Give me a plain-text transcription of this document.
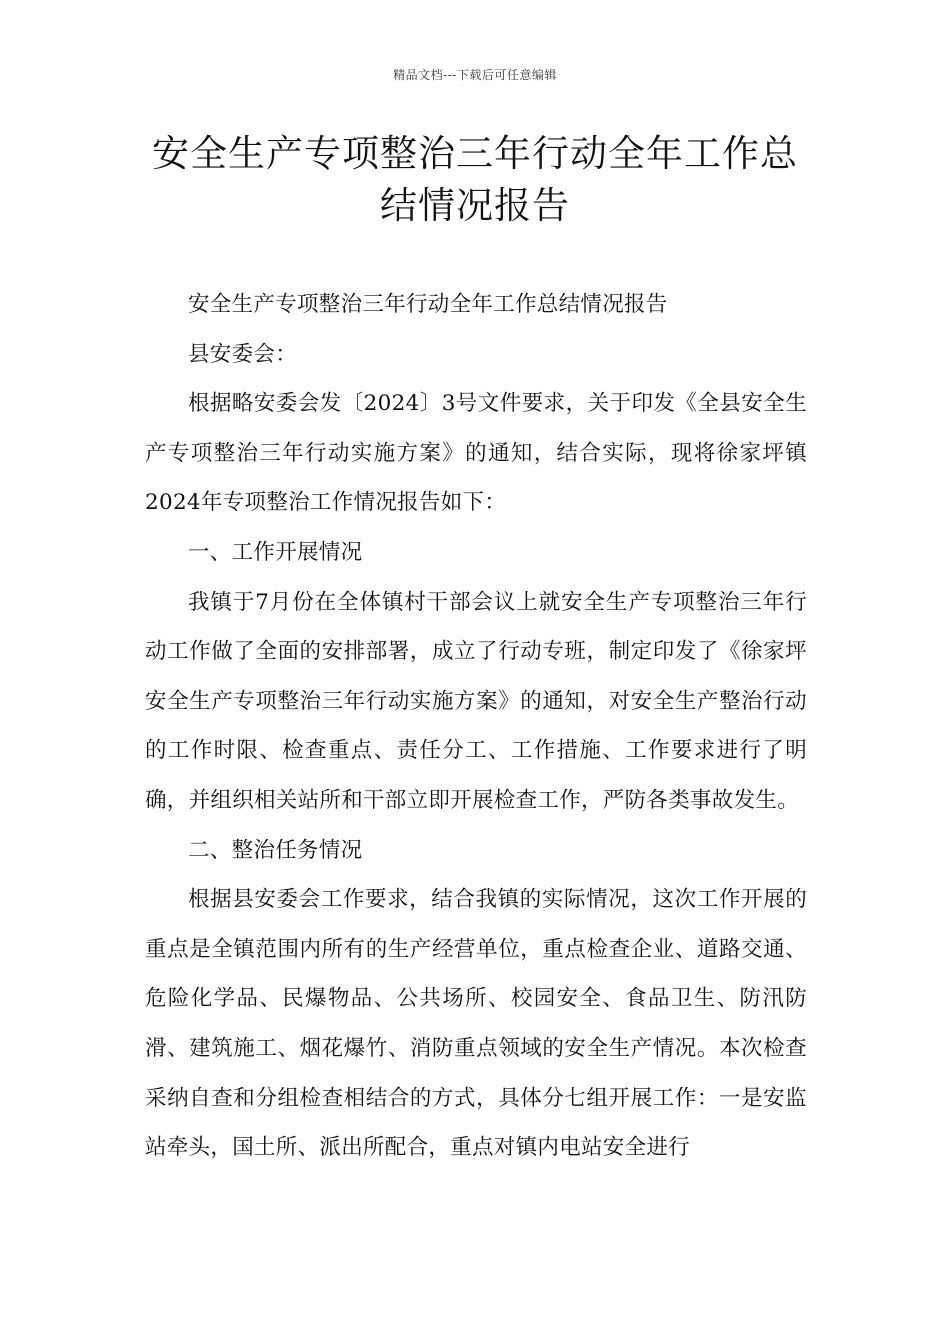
精品文档---下载后可任意编辑
安全生产专项整治三年行动全年工作总
结情况报告

安全生产专项整治三年行动全年工作总结情况报告

县安委会：

根据略安委会发〔2024〕3号文件要求，关于印发《全县安全生产专项整治三年行动实施方案》的通知，结合实际，现将徐家坪镇2024年专项整治工作情况报告如下：

一、工作开展情况

我镇于7月份在全体镇村干部会议上就安全生产专项整治三年行动工作做了全面的安排部署，成立了行动专班，制定印发了《徐家坪安全生产专项整治三年行动实施方案》的通知，对安全生产整治行动的工作时限、检查重点、责任分工、工作措施、工作要求进行了明确，并组织相关站所和干部立即开展检查工作，严防各类事故发生。

二、整治任务情况

根据县安委会工作要求，结合我镇的实际情况，这次工作开展的重点是全镇范围内所有的生产经营单位，重点检查企业、道路交通、危险化学品、民爆物品、公共场所、校园安全、食品卫生、防汛防滑、建筑施工、烟花爆竹、消防重点领域的安全生产情况。本次检查采纳自查和分组检查相结合的方式，具体分七组开展工作：一是安监站牵头，国土所、派出所配合，重点对镇内电站安全进行
